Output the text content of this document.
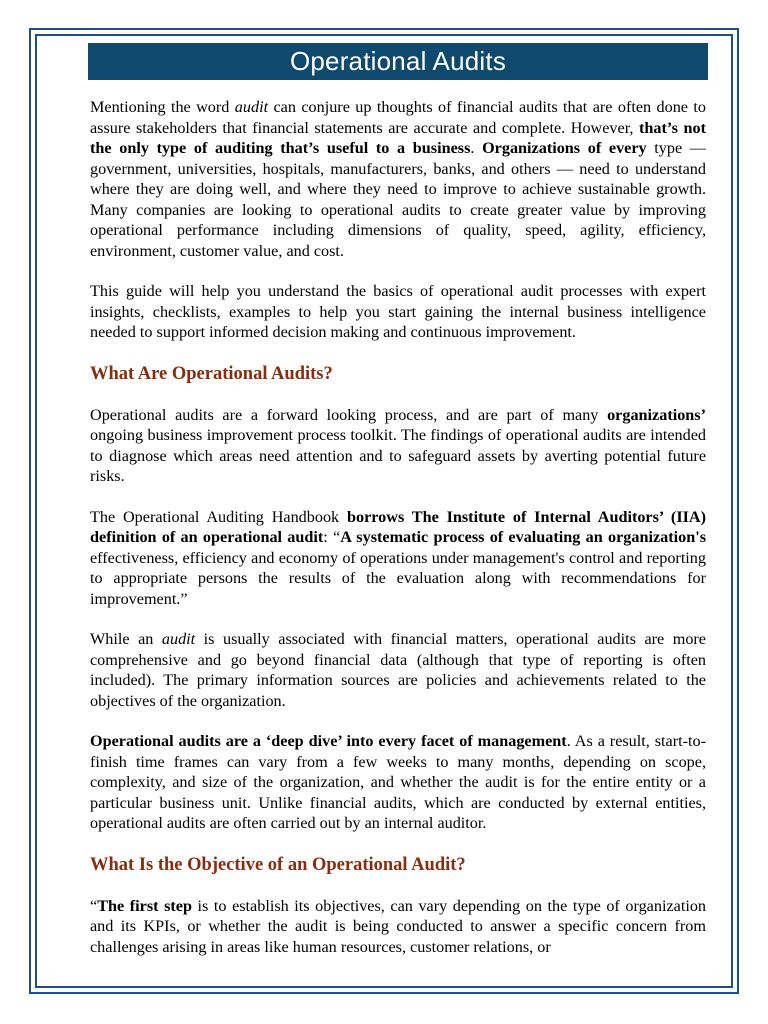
Operational Audits

Mentioning the word audit can conjure up thoughts of financial audits that are often done to assure stakeholders that financial statements are accurate and complete. However, that’s not the only type of auditing that’s useful to a business. Organizations of every type — government, universities, hospitals, manufacturers, banks, and others — need to understand where they are doing well, and where they need to improve to achieve sustainable growth. Many companies are looking to operational audits to create greater value by improving operational performance including dimensions of quality, speed, agility, efficiency, environment, customer value, and cost.

This guide will help you understand the basics of operational audit processes with expert insights, checklists, examples to help you start gaining the internal business intelligence needed to support informed decision making and continuous improvement.

What Are Operational Audits?

Operational audits are a forward looking process, and are part of many organizations’ ongoing business improvement process toolkit. The findings of operational audits are intended to diagnose which areas need attention and to safeguard assets by averting potential future risks.

The Operational Auditing Handbook borrows The Institute of Internal Auditors’ (IIA) definition of an operational audit: “A systematic process of evaluating an organization's effectiveness, efficiency and economy of operations under management's control and reporting to appropriate persons the results of the evaluation along with recommendations for improvement.”

While an audit is usually associated with financial matters, operational audits are more comprehensive and go beyond financial data (although that type of reporting is often included). The primary information sources are policies and achievements related to the objectives of the organization.

Operational audits are a ‘deep dive’ into every facet of management. As a result, start-to-finish time frames can vary from a few weeks to many months, depending on scope, complexity, and size of the organization, and whether the audit is for the entire entity or a particular business unit. Unlike financial audits, which are conducted by external entities, operational audits are often carried out by an internal auditor.

What Is the Objective of an Operational Audit?

“The first step is to establish its objectives, can vary depending on the type of organization and its KPIs, or whether the audit is being conducted to answer a specific concern from challenges arising in areas like human resources, customer relations, or
